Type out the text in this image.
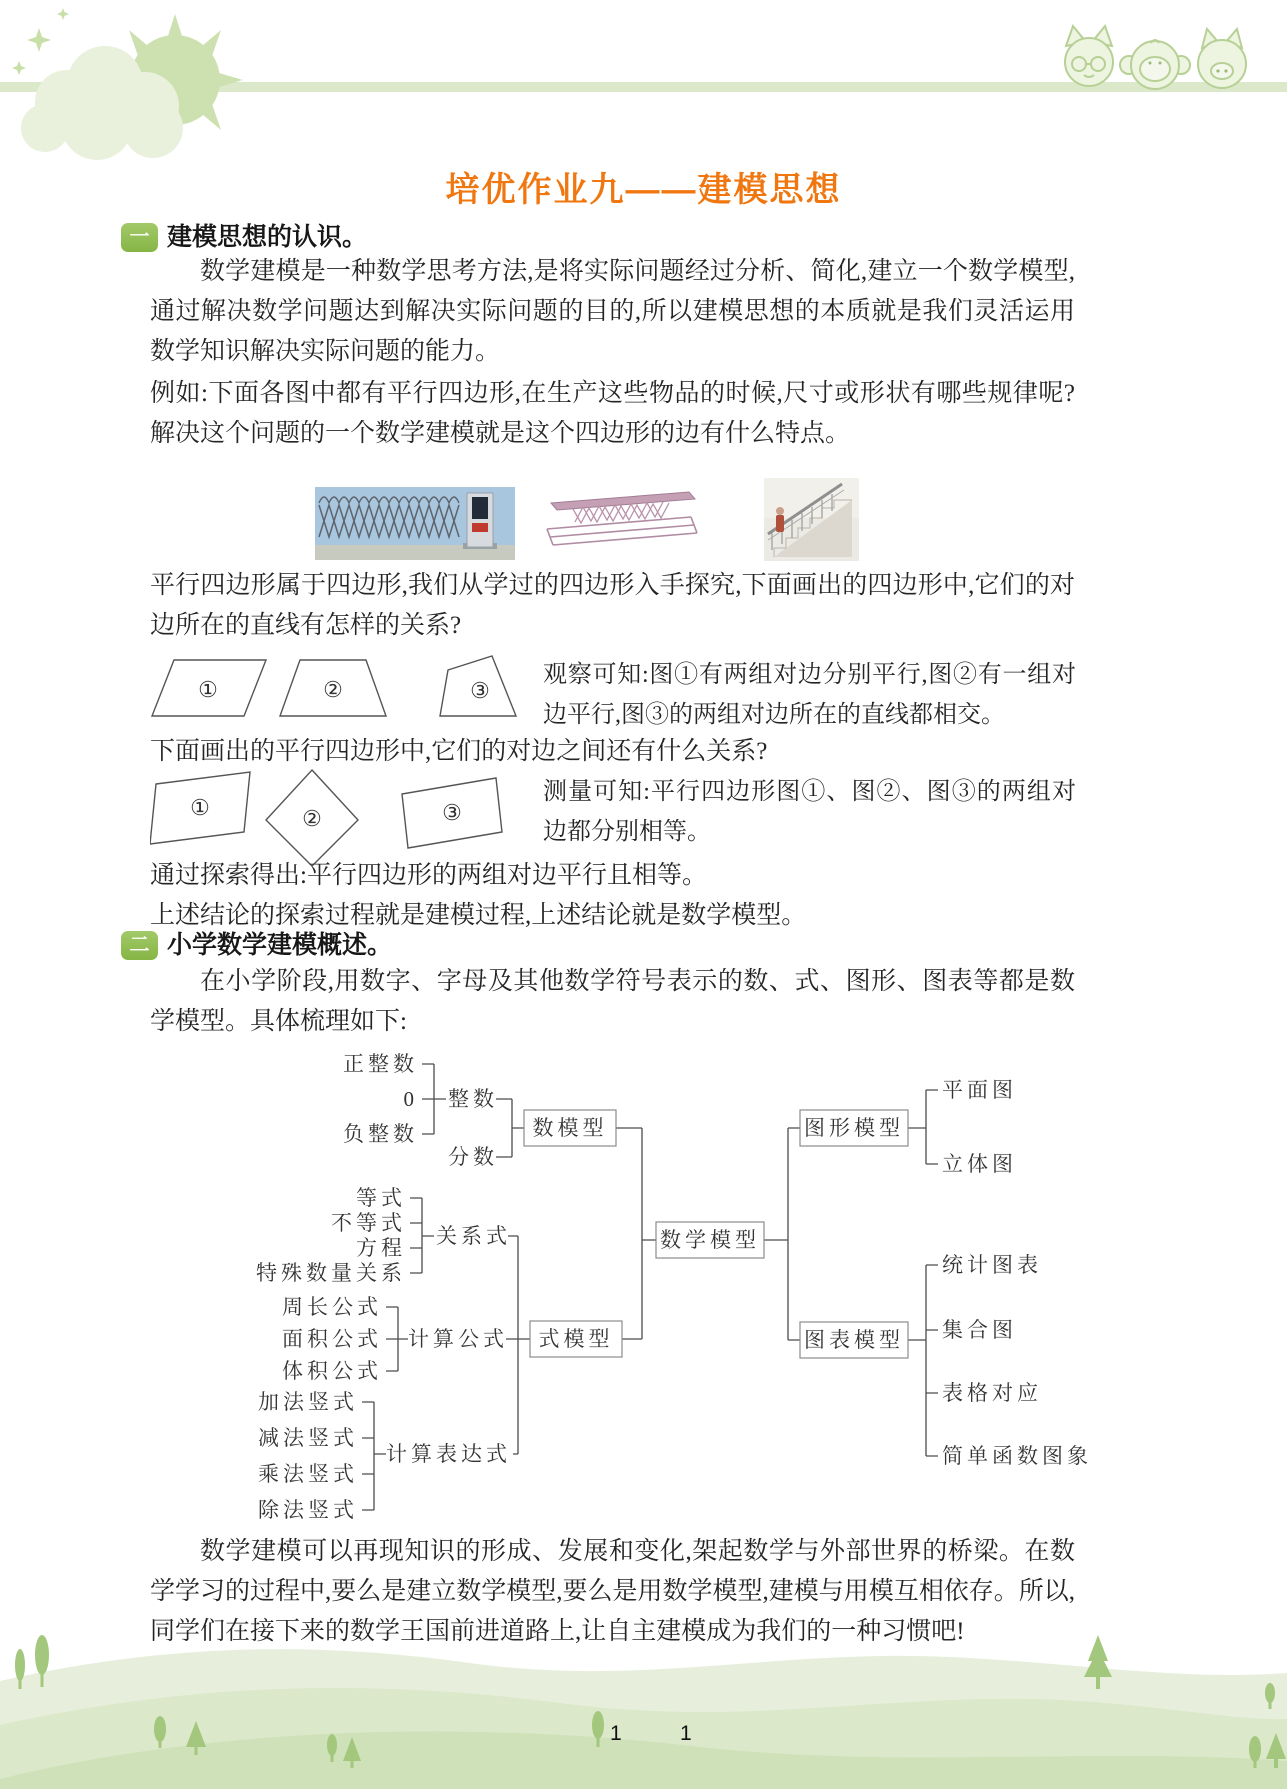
培优作业九——建模思想
一 建模思想的认识。

数学建模是一种数学思考方法,是将实际问题经过分析、简化,建立一个数学模型,通过解决数学问题达到解决实际问题的目的,所以建模思想的本质就是我们灵活运用数学知识解决实际问题的能力。

例如:下面各图中都有平行四边形,在生产这些物品的时候,尺寸或形状有哪些规律呢?解决这个问题的一个数学建模就是这个四边形的边有什么特点。

平行四边形属于四边形,我们从学过的四边形入手探究,下面画出的四边形中,它们的对边所在的直线有怎样的关系?

①	②	③

观察可知:图①有两组对边分别平行,图②有一组对边平行,图③的两组对边所在的直线都相交。

下面画出的平行四边形中,它们的对边之间还有什么关系?

①	②	③

测量可知:平行四边形图①、图②、图③的两组对边都分别相等。

通过探索得出:平行四边形的两组对边平行且相等。

上述结论的探索过程就是建模过程,上述结论就是数学模型。

二 小学数学建模概述。

在小学阶段,用数字、字母及其他数学符号表示的数、式、图形、图表等都是数学模型。具体梳理如下:

正整数
0
负整数
整数
分数
数模型
等式
不等式
方程
特殊数量关系
关系式
周长公式
面积公式
体积公式
计算公式
加法竖式
减法竖式
乘法竖式
除法竖式
计算表达式
式模型
数学模型
图形模型
平面图
立体图
图表模型
统计图表
集合图
表格对应
简单函数图象

数学建模可以再现知识的形成、发展和变化,架起数学与外部世界的桥梁。在数学学习的过程中,要么是建立数学模型,要么是用数学模型,建模与用模互相依存。所以,同学们在接下来的数学王国前进道路上,让自主建模成为我们的一种习惯吧!

1	1
